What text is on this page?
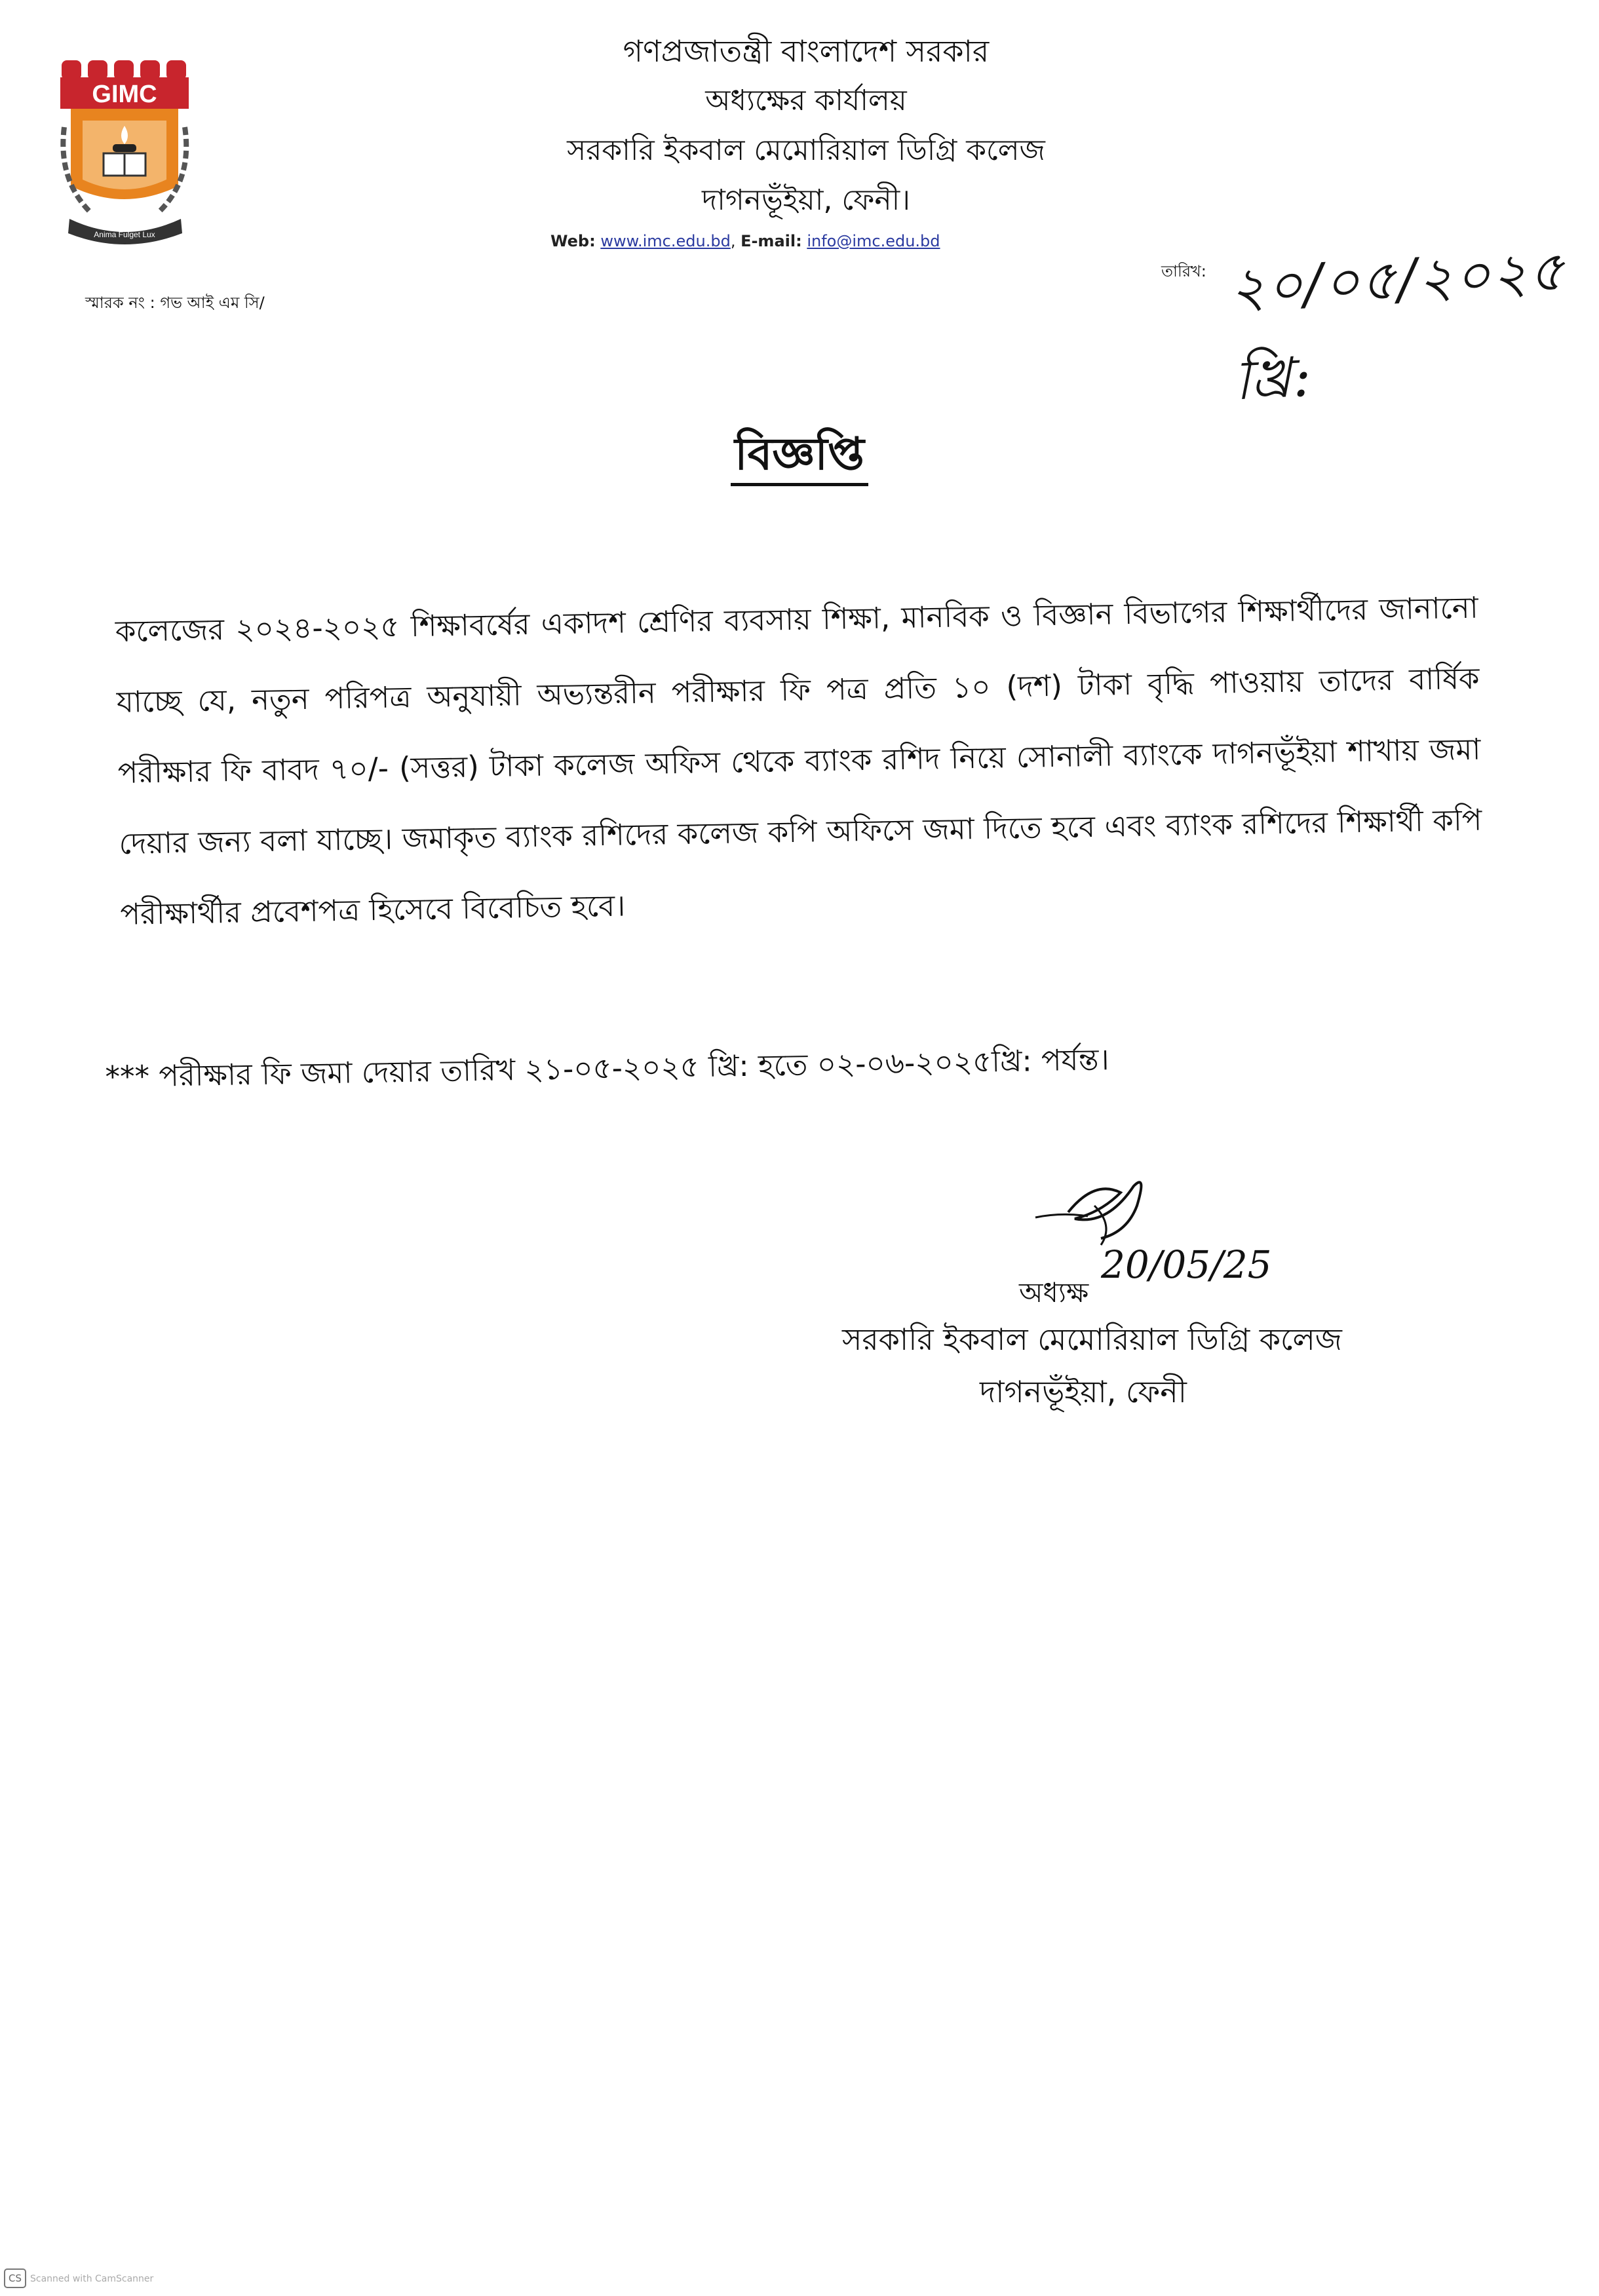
GIMC
Anima Fulget Lux
গণপ্রজাতন্ত্রী বাংলাদেশ সরকার
অধ্যক্ষের কার্যালয়
সরকারি ইকবাল মেমোরিয়াল ডিগ্রি কলেজ
দাগনভূঁইয়া, ফেনী।
Web: www.imc.edu.bd, E-mail: info@imc.edu.bd
স্মারক নং : গভ আই এম সি/
তারিখ: ২০/০৫/২০২৫ খ্রি:
বিজ্ঞপ্তি
কলেজের ২০২৪-২০২৫ শিক্ষাবর্ষের একাদশ শ্রেণির ব্যবসায় শিক্ষা, মানবিক ও বিজ্ঞান বিভাগের শিক্ষার্থীদের জানানো যাচ্ছে যে, নতুন পরিপত্র অনুযায়ী অভ্যন্তরীন পরীক্ষার ফি পত্র প্রতি ১০ (দশ) টাকা বৃদ্ধি পাওয়ায় তাদের বার্ষিক পরীক্ষার ফি বাবদ ৭০/- (সত্তর) টাকা কলেজ অফিস থেকে ব্যাংক রশিদ নিয়ে সোনালী ব্যাংকে দাগনভূঁইয়া শাখায় জমা দেয়ার জন্য বলা যাচ্ছে। জমাকৃত ব্যাংক রশিদের কলেজ কপি অফিসে জমা দিতে হবে এবং ব্যাংক রশিদের শিক্ষার্থী কপি পরীক্ষার্থীর প্রবেশপত্র হিসেবে বিবেচিত হবে।
*** পরীক্ষার ফি জমা দেয়ার তারিখ ২১-০৫-২০২৫ খ্রি: হতে ০২-০৬-২০২৫খ্রি: পর্যন্ত।
20/05/25
অধ্যক্ষ
সরকারি ইকবাল মেমোরিয়াল ডিগ্রি কলেজ
দাগনভূঁইয়া, ফেনী
CS Scanned with CamScanner
